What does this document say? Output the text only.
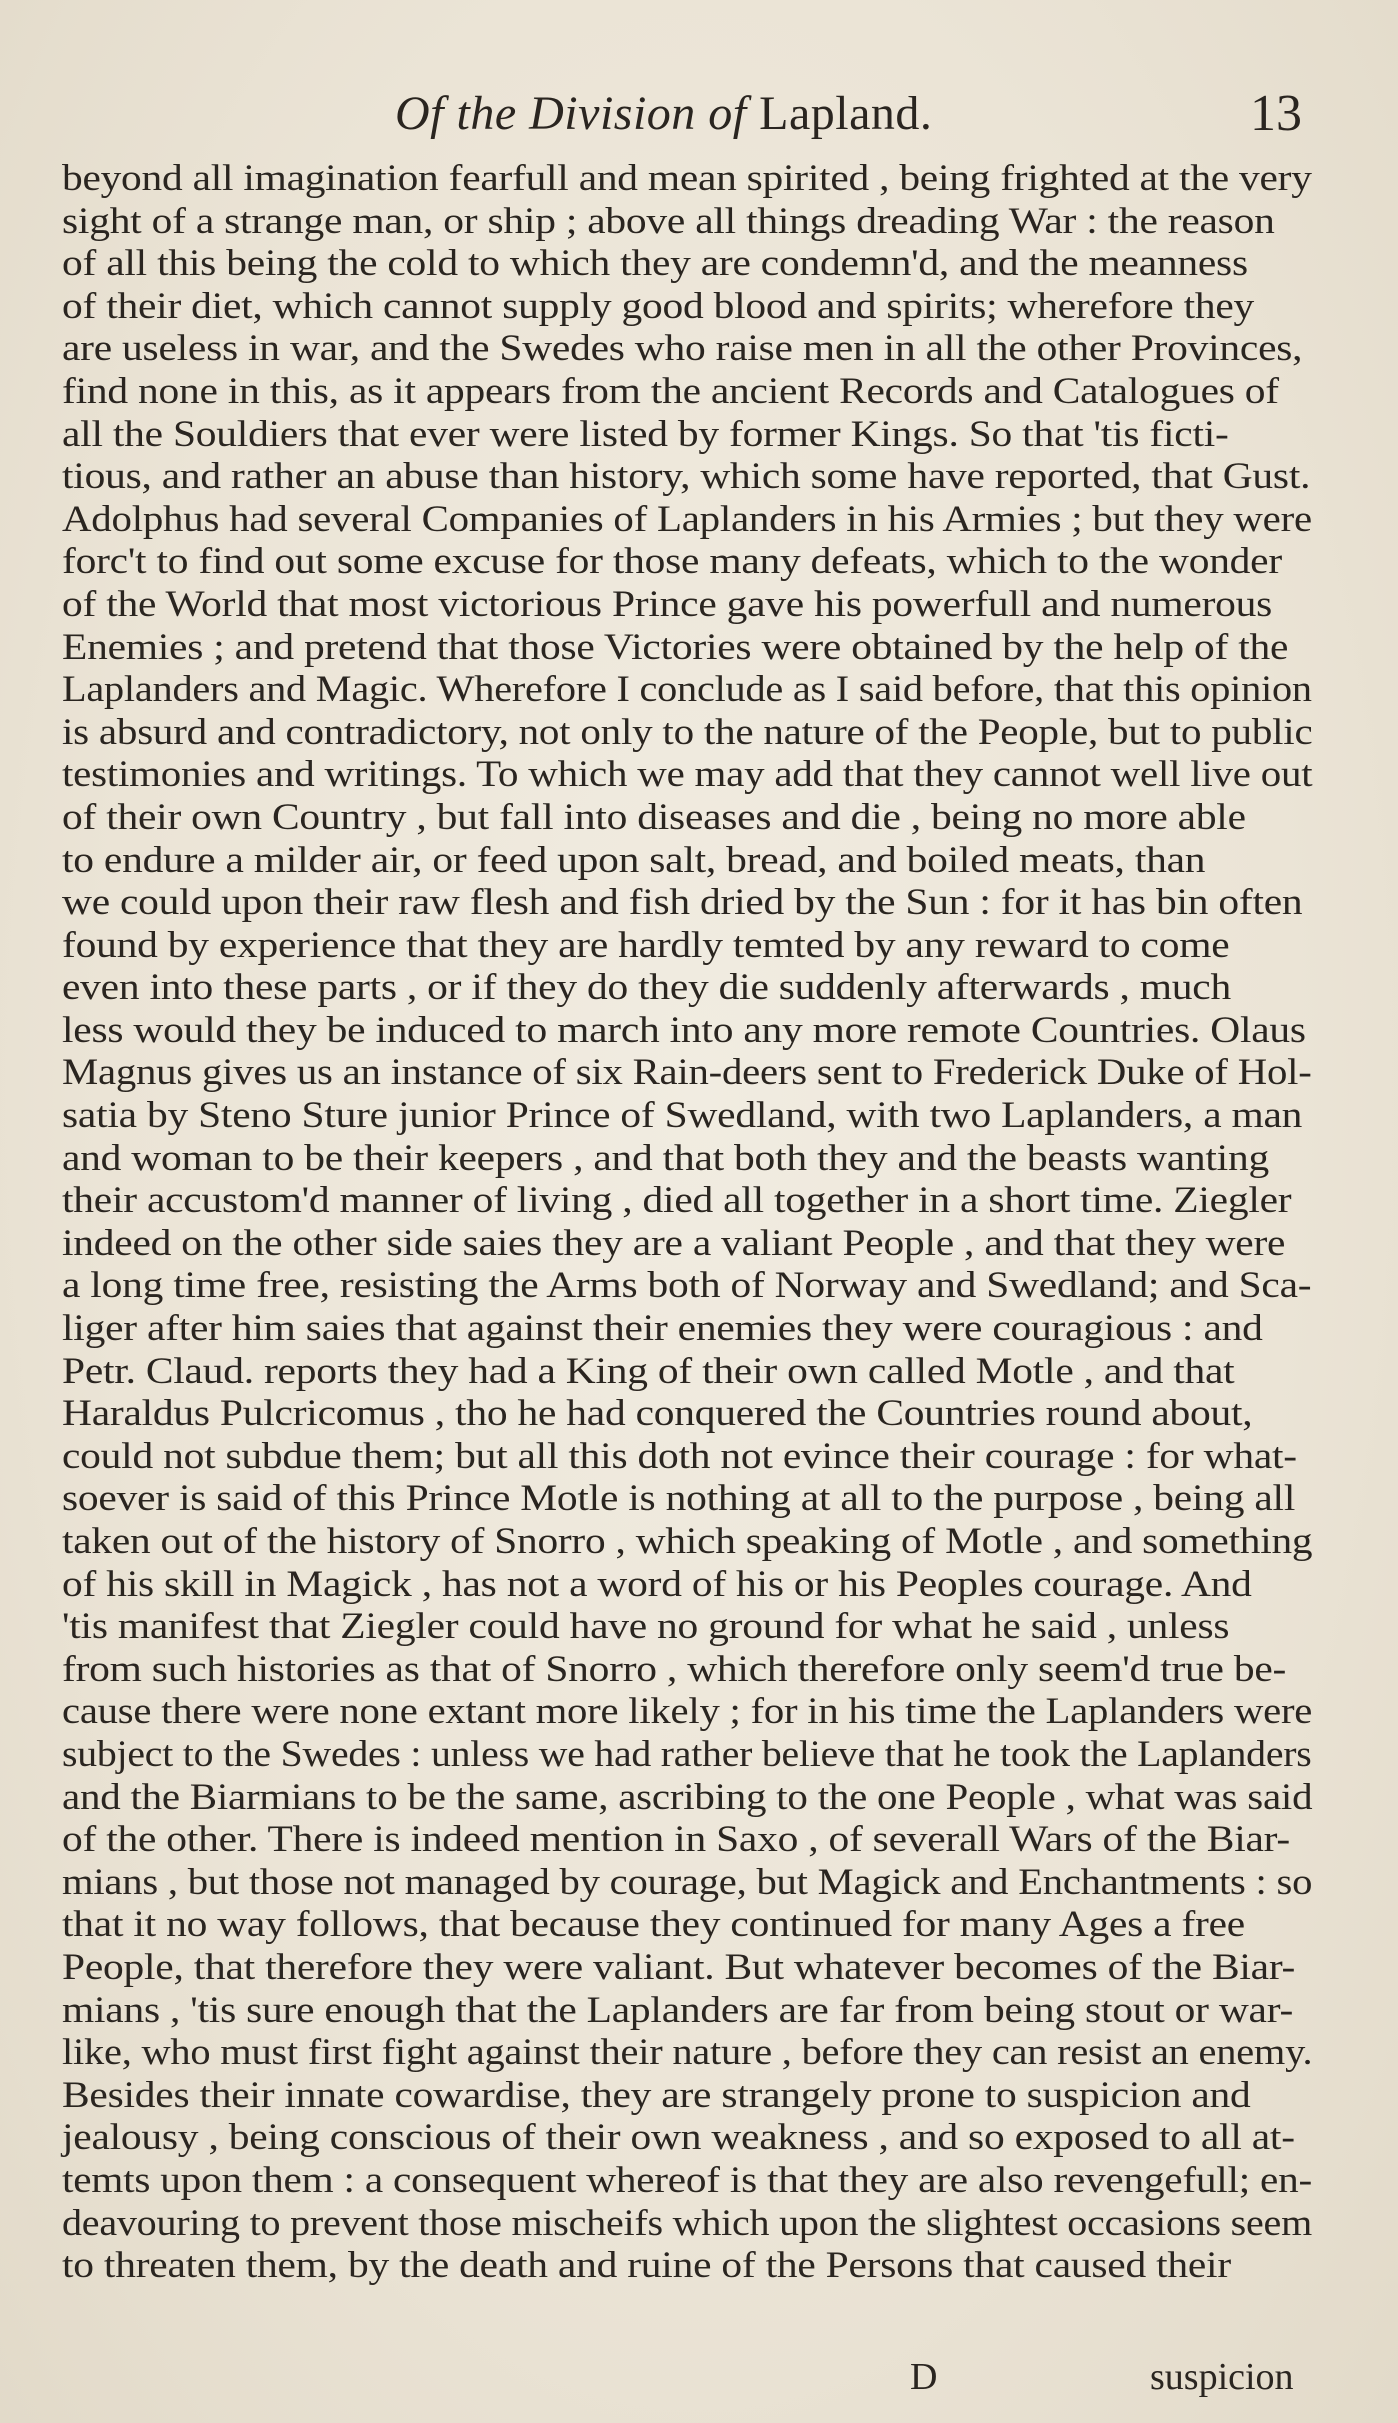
Of the Division of Lapland.	13
beyond all imagination fearfull and mean spirited , being frighted at the very
sight of a strange man, or ship ; above all things dreading War : the reason
of all this being the cold to which they are condemn'd, and the meanness
of their diet, which cannot supply good blood and spirits; wherefore they
are useless in war, and the Swedes who raise men in all the other Provinces,
find none in this, as it appears from the ancient Records and Catalogues of
all the Souldiers that ever were listed by former Kings. So that 'tis ficti-
tious, and rather an abuse than history, which some have reported, that Gust.
Adolphus had several Companies of Laplanders in his Armies ; but they were
forc't to find out some excuse for those many defeats, which to the wonder
of the World that most victorious Prince gave his powerfull and numerous
Enemies ; and pretend that those Victories were obtained by the help of the
Laplanders and Magic. Wherefore I conclude as I said before, that this opinion
is absurd and contradictory, not only to the nature of the People, but to public
testimonies and writings. To which we may add that they cannot well live out
of their own Country , but fall into diseases and die , being no more able
to endure a milder air, or feed upon salt, bread, and boiled meats, than
we could upon their raw flesh and fish dried by the Sun : for it has bin often
found by experience that they are hardly temted by any reward to come
even into these parts , or if they do they die suddenly afterwards , much
less would they be induced to march into any more remote Countries. Olaus
Magnus gives us an instance of six Rain-deers sent to Frederick Duke of Hol-
satia by Steno Sture junior Prince of Swedland, with two Laplanders, a man
and woman to be their keepers , and that both they and the beasts wanting
their accustom'd manner of living , died all together in a short time. Ziegler
indeed on the other side saies they are a valiant People , and that they were
a long time free, resisting the Arms both of Norway and Swedland; and Sca-
liger after him saies that against their enemies they were couragious : and
Petr. Claud. reports they had a King of their own called Motle , and that
Haraldus Pulcricomus , tho he had conquered the Countries round about,
could not subdue them; but all this doth not evince their courage : for what-
soever is said of this Prince Motle is nothing at all to the purpose , being all
taken out of the history of Snorro , which speaking of Motle , and something
of his skill in Magick , has not a word of his or his Peoples courage. And
'tis manifest that Ziegler could have no ground for what he said , unless
from such histories as that of Snorro , which therefore only seem'd true be-
cause there were none extant more likely ; for in his time the Laplanders were
subject to the Swedes : unless we had rather believe that he took the Laplanders
and the Biarmians to be the same, ascribing to the one People , what was said
of the other. There is indeed mention in Saxo , of severall Wars of the Biar-
mians , but those not managed by courage, but Magick and Enchantments : so
that it no way follows, that because they continued for many Ages a free
People, that therefore they were valiant. But whatever becomes of the Biar-
mians , 'tis sure enough that the Laplanders are far from being stout or war-
like, who must first fight against their nature , before they can resist an enemy.
Besides their innate cowardise, they are strangely prone to suspicion and
jealousy , being conscious of their own weakness , and so exposed to all at-
temts upon them : a consequent whereof is that they are also revengefull; en-
deavouring to prevent those mischeifs which upon the slightest occasions seem
to threaten them, by the death and ruine of the Persons that caused their
D	suspicion
